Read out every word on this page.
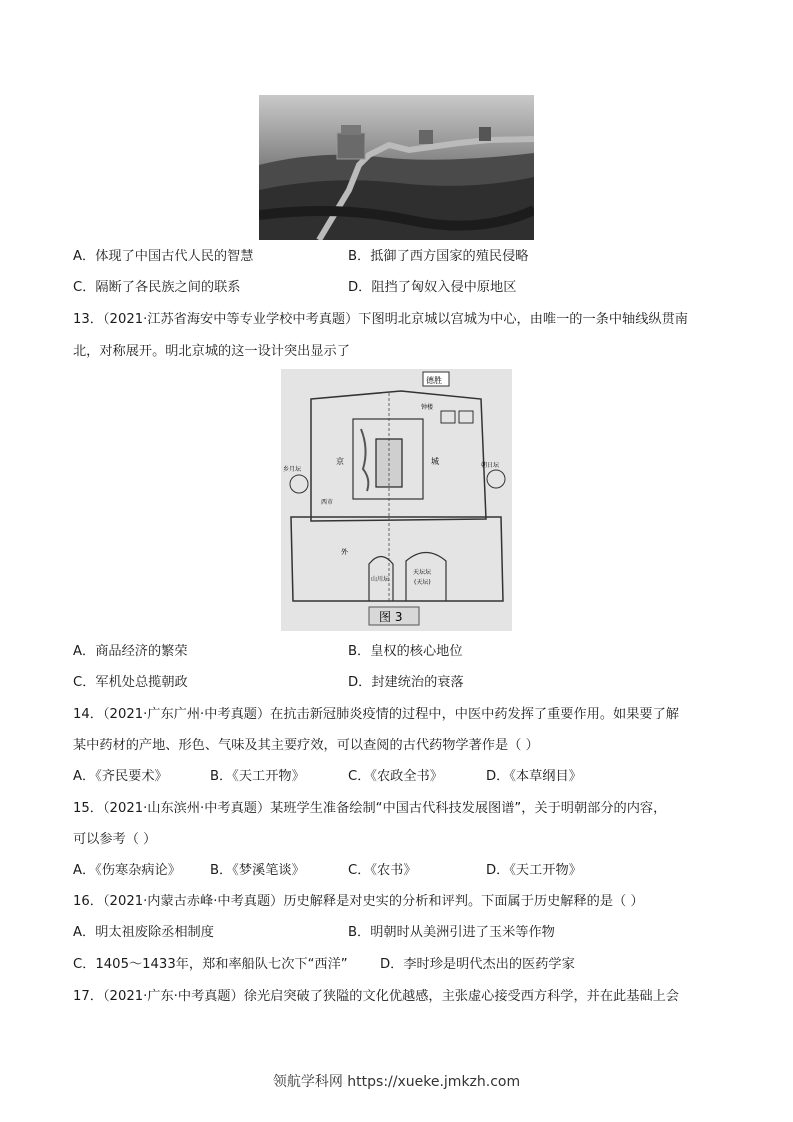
A．体现了中国古代人民的智慧	B．抵御了西方国家的殖民侵略
C．隔断了各民族之间的联系	D．阻挡了匈奴入侵中原地区
13．（2021·江苏省海安中等专业学校中考真题）下图明北京城以宫城为中心，由唯一的一条中轴线纵贯南
北，对称展开。明北京城的这一设计突出显示了
德胜
乡月坛
朝日坛
钟楼
京	城
西市
外
山川坛
天坛坛
(天坛)
图 3
A．商品经济的繁荣	B．皇权的核心地位
C．军机处总揽朝政	D．封建统治的衰落
14．（2021·广东广州·中考真题）在抗击新冠肺炎疫情的过程中，中医中药发挥了重要作用。如果要了解
某中药材的产地、形色、气味及其主要疗效，可以查阅的古代药物学著作是（ ）
A．《齐民要术》	B．《天工开物》	C．《农政全书》	D．《本草纲目》
15．（2021·山东滨州·中考真题）某班学生准备绘制“中国古代科技发展图谱”，关于明朝部分的内容，
可以参考（ ）
A．《伤寒杂病论》 B．《梦溪笔谈》	C．《农书》	D．《天工开物》
16．（2021·内蒙古赤峰·中考真题）历史解释是对史实的分析和评判。下面属于历史解释的是（ ）
A．明太祖废除丞相制度	B．明朝时从美洲引进了玉米等作物
C．1405～1433年，郑和率船队七次下“西洋” D．李时珍是明代杰出的医药学家
17．（2021·广东·中考真题）徐光启突破了狭隘的文化优越感，主张虚心接受西方科学，并在此基础上会
领航学科网 https://xueke.jmkzh.com
